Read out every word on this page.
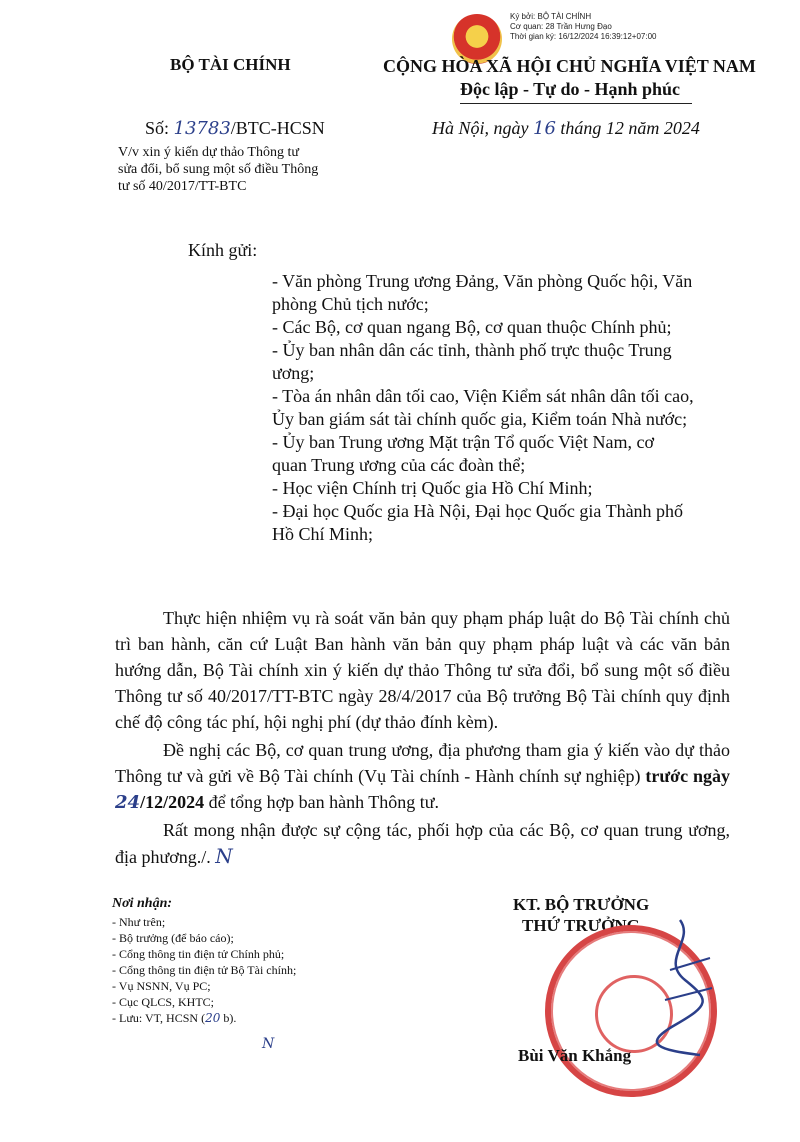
Ký bởi: BỘ TÀI CHÍNH
Cơ quan: 28 Trần Hưng Đạo
Thời gian ký: 16/12/2024 16:39:12+07:00
BỘ TÀI CHÍNH	CỘNG HÒA XÃ HỘI CHỦ NGHĨA VIỆT NAM
Độc lập - Tự do - Hạnh phúc
Số: 13783/BTC-HCSN
V/v xin ý kiến dự thảo Thông tư
sửa đổi, bổ sung một số điều Thông
tư số 40/2017/TT-BTC
Hà Nội, ngày 16 tháng 12 năm 2024
Kính gửi:
- Văn phòng Trung ương Đảng, Văn phòng Quốc hội, Văn
phòng Chủ tịch nước;
- Các Bộ, cơ quan ngang Bộ, cơ quan thuộc Chính phủ;
- Ủy ban nhân dân các tỉnh, thành phố trực thuộc Trung
ương;
- Tòa án nhân dân tối cao, Viện Kiểm sát nhân dân tối cao,
Ủy ban giám sát tài chính quốc gia, Kiểm toán Nhà nước;
- Ủy ban Trung ương Mặt trận Tổ quốc Việt Nam, cơ
quan Trung ương của các đoàn thể;
- Học viện Chính trị Quốc gia Hồ Chí Minh;
- Đại học Quốc gia Hà Nội, Đại học Quốc gia Thành phố
Hồ Chí Minh;
Thực hiện nhiệm vụ rà soát văn bản quy phạm pháp luật do Bộ Tài chính chủ trì ban hành, căn cứ Luật Ban hành văn bản quy phạm pháp luật và các văn bản hướng dẫn, Bộ Tài chính xin ý kiến dự thảo Thông tư sửa đổi, bổ sung một số điều Thông tư số 40/2017/TT-BTC ngày 28/4/2017 của Bộ trưởng Bộ Tài chính quy định chế độ công tác phí, hội nghị phí (dự thảo đính kèm).
Đề nghị các Bộ, cơ quan trung ương, địa phương tham gia ý kiến vào dự thảo Thông tư và gửi về Bộ Tài chính (Vụ Tài chính - Hành chính sự nghiệp) trước ngày 24/12/2024 để tổng hợp ban hành Thông tư.
Rất mong nhận được sự cộng tác, phối hợp của các Bộ, cơ quan trung ương, địa phương./. N
Nơi nhận:
- Như trên;
- Bộ trưởng (để báo cáo);
- Cổng thông tin điện tử Chính phủ;
- Cổng thông tin điện tử Bộ Tài chính;
- Vụ NSNN, Vụ PC;
- Cục QLCS, KHTC;
- Lưu: VT, HCSN (20 b).
N
KT. BỘ TRƯỞNG
THỨ TRƯỞNG
Bùi Văn Khắng
